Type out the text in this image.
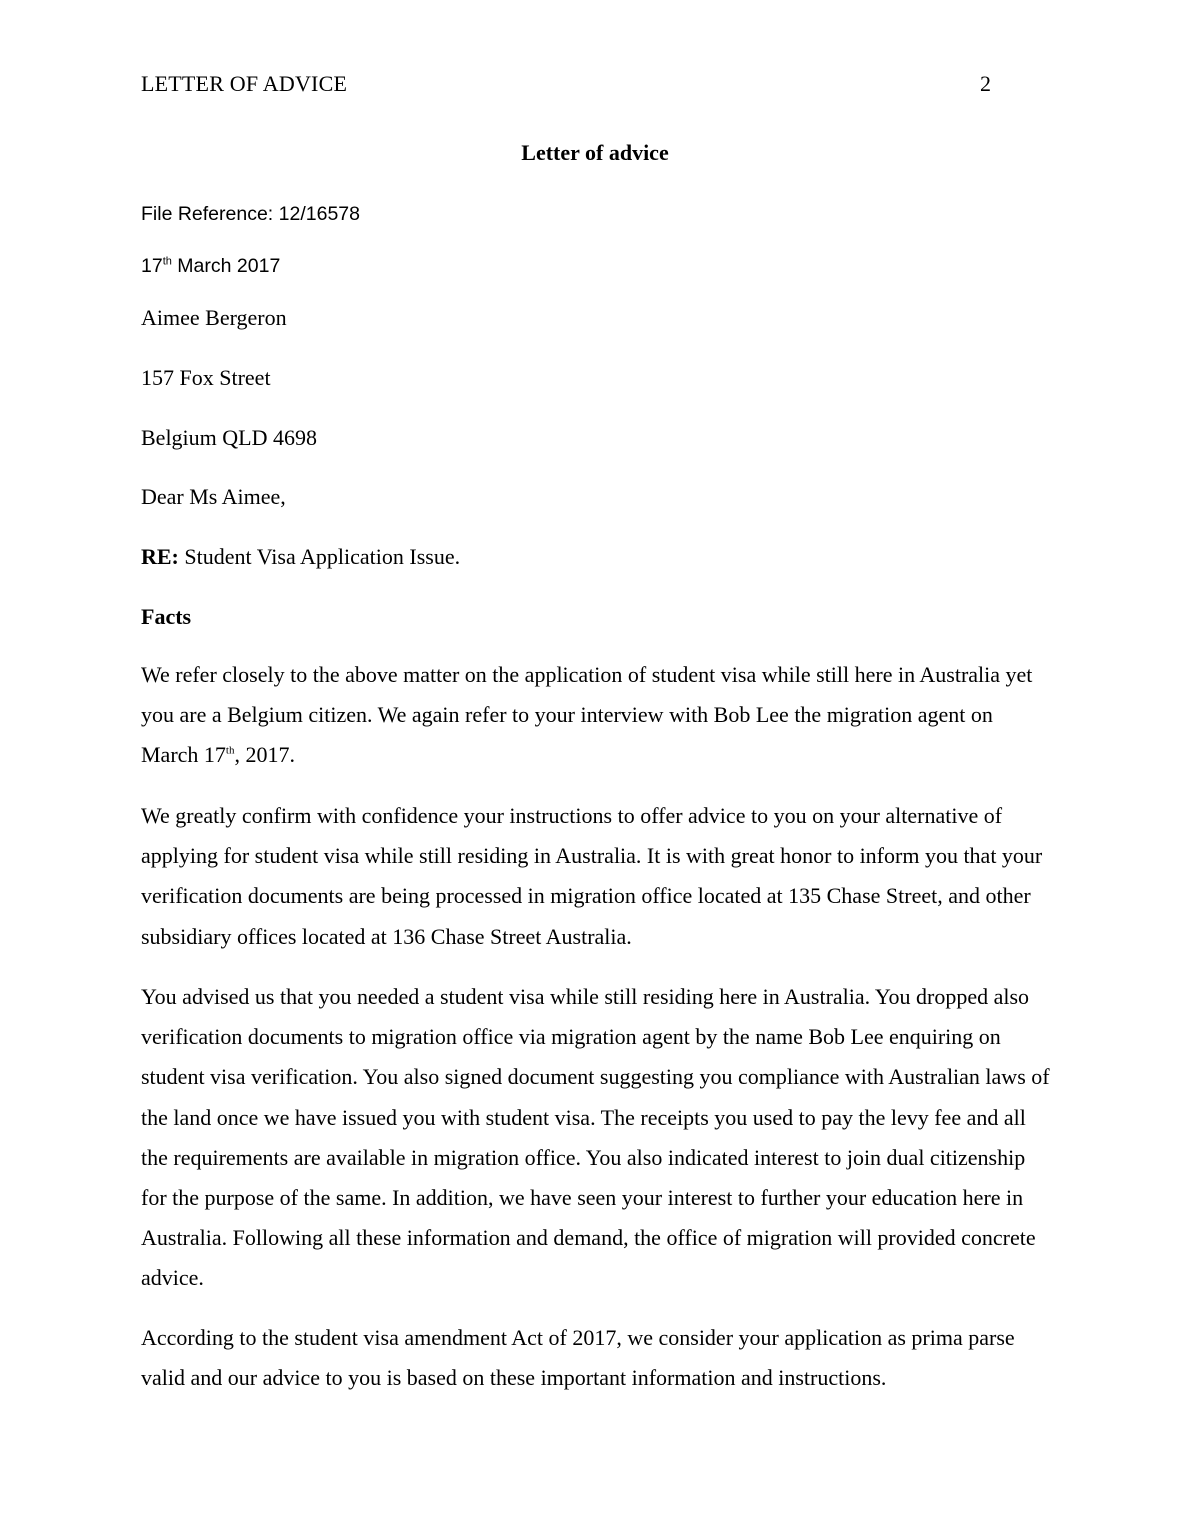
LETTER OF ADVICE	2
Letter of advice
File Reference: 12/16578
17th March 2017
Aimee Bergeron
157 Fox Street
Belgium QLD 4698
Dear Ms Aimee,
RE: Student Visa Application Issue.
Facts

We refer closely to the above matter on the application of student visa while still here in Australia yet you are a Belgium citizen. We again refer to your interview with Bob Lee the migration agent on March 17th, 2017.

We greatly confirm with confidence your instructions to offer advice to you on your alternative of applying for student visa while still residing in Australia. It is with great honor to inform you that your verification documents are being processed in migration office located at 135 Chase Street, and other subsidiary offices located at 136 Chase Street Australia.

You advised us that you needed a student visa while still residing here in Australia. You dropped also verification documents to migration office via migration agent by the name Bob Lee enquiring on student visa verification. You also signed document suggesting you compliance with Australian laws of the land once we have issued you with student visa. The receipts you used to pay the levy fee and all the requirements are available in migration office. You also indicated interest to join dual citizenship for the purpose of the same. In addition, we have seen your interest to further your education here in Australia. Following all these information and demand, the office of migration will provided concrete advice.

According to the student visa amendment Act of 2017, we consider your application as prima parse valid and our advice to you is based on these important information and instructions.
